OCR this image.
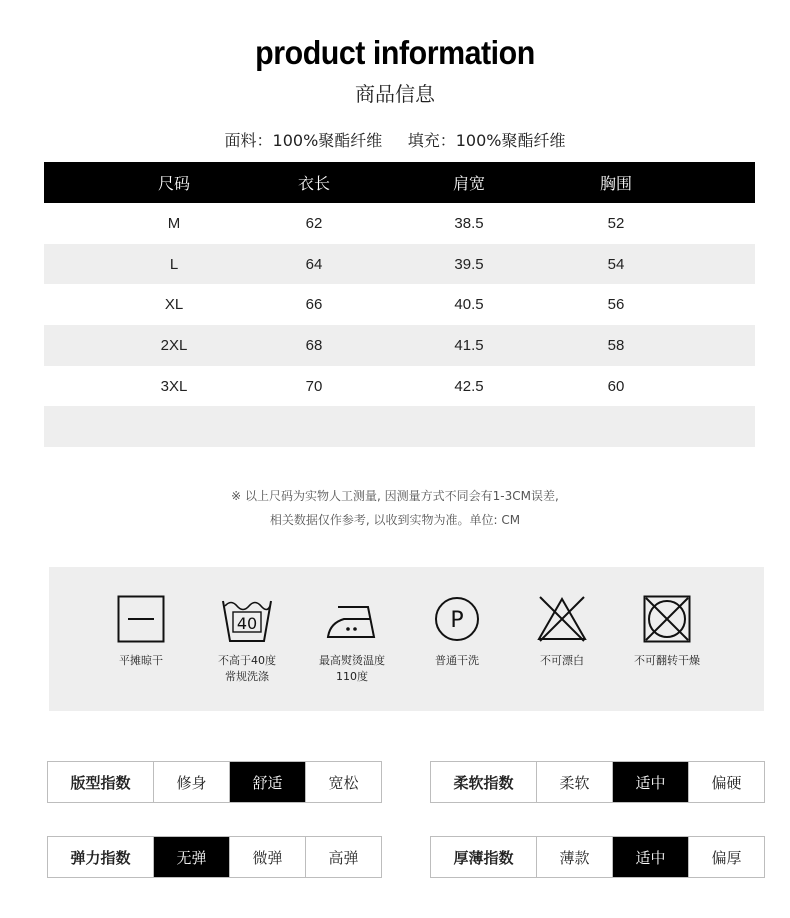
product information
商品信息
面料：100%聚酯纤维     填充：100%聚酯纤维
尺码	衣长	肩宽	胸围
M	62	38.5	52
L	64	39.5	54
XL	66	40.5	56
2XL	68	41.5	58
3XL	70	42.5	60
※ 以上尺码为实物人工测量, 因测量方式不同会有1-3CM误差,
相关数据仅作参考, 以收到实物为准。单位: CM
平摊晾干
40
不高于40度
常规洗涤
最高熨烫温度
110度
P
普通干洗	不可漂白	不可翻转干燥
版型指数	修身	舒适	宽松	柔软指数	柔软	适中	偏硬
弹力指数	无弹	微弹	高弹	厚薄指数	薄款	适中	偏厚
